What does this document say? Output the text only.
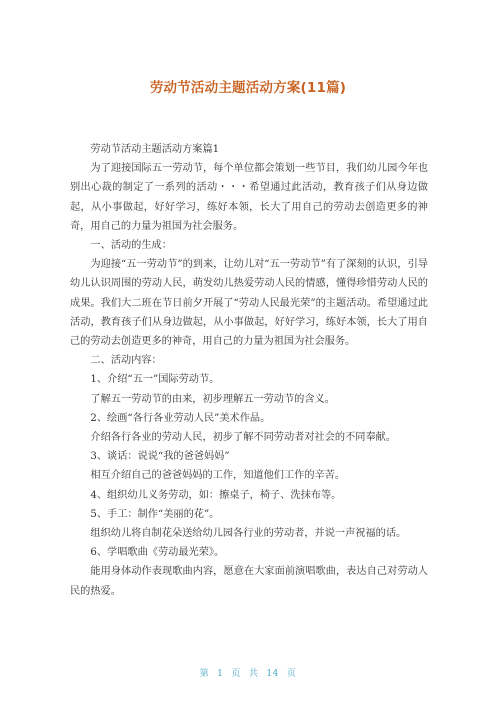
劳动节活动主题活动方案(11篇)

劳动节活动主题活动方案篇1

为了迎接国际五一劳动节，每个单位都会策划一些节目，我们幼儿园今年也别出心裁的制定了一系列的活动・・・希望通过此活动，教育孩子们从身边做起，从小事做起，好好学习，练好本领，长大了用自己的劳动去创造更多的神奇，用自己的力量为祖国为社会服务。

一、活动的生成：

为迎接“五一劳动节”的到来，让幼儿对“五一劳动节”有了深刻的认识，引导幼儿认识周围的劳动人民，萌发幼儿热爱劳动人民的情感，懂得珍惜劳动人民的成果。我们大二班在节日前夕开展了“劳动人民最光荣”的主题活动。希望通过此活动，教育孩子们从身边做起，从小事做起，好好学习，练好本领，长大了用自己的劳动去创造更多的神奇，用自己的力量为祖国为社会服务。

二、活动内容：

1、介绍“五一”国际劳动节。

了解五一劳动节的由来，初步理解五一劳动节的含义。

2、绘画“各行各业劳动人民”美术作品。

介绍各行各业的劳动人民，初步了解不同劳动者对社会的不同奉献。

3、谈话：说说“我的爸爸妈妈”

相互介绍自己的爸爸妈妈的工作，知道他们工作的辛苦。

4、组织幼儿义务劳动，如：擦桌子，椅子、洗抹布等。

5、手工：制作“美丽的花”。

组织幼儿将自制花朵送给幼儿园各行业的劳动者，并说一声祝福的话。

6、学唱歌曲《劳动最光荣》。

能用身体动作表现歌曲内容，愿意在大家面前演唱歌曲，表达自己对劳动人民的热爱。

第 1 页 共 14 页
